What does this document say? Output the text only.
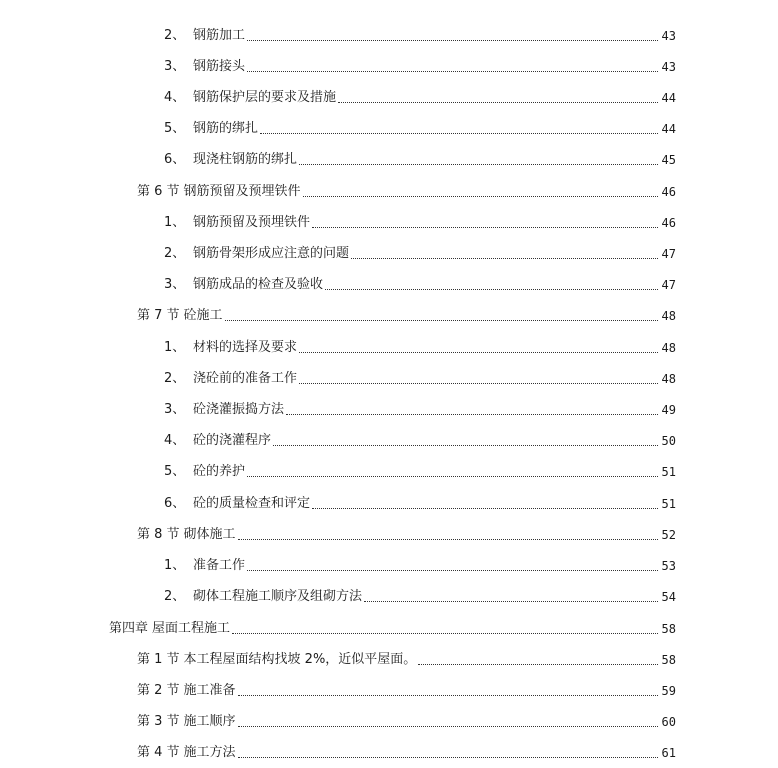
2、 钢筋加工	43
3、 钢筋接头	43
4、 钢筋保护层的要求及措施	44
5、 钢筋的绑扎	44
6、 现浇柱钢筋的绑扎	45
第 6 节 钢筋预留及预埋铁件	46
1、 钢筋预留及预埋铁件	46
2、 钢筋骨架形成应注意的问题	47
3、 钢筋成品的检查及验收	47
第 7 节 砼施工	48
1、 材料的选择及要求	48
2、 浇砼前的准备工作	48
3、 砼浇灌振捣方法	49
4、 砼的浇灌程序	50
5、 砼的养护	51
6、 砼的质量检查和评定	51
第 8 节 砌体施工	52
1、 准备工作	53
2、 砌体工程施工顺序及组砌方法	54
第四章 屋面工程施工	58
第 1 节 本工程屋面结构找坡 2%，近似平屋面。	58
第 2 节 施工准备	59
第 3 节 施工顺序	60
第 4 节 施工方法	61
